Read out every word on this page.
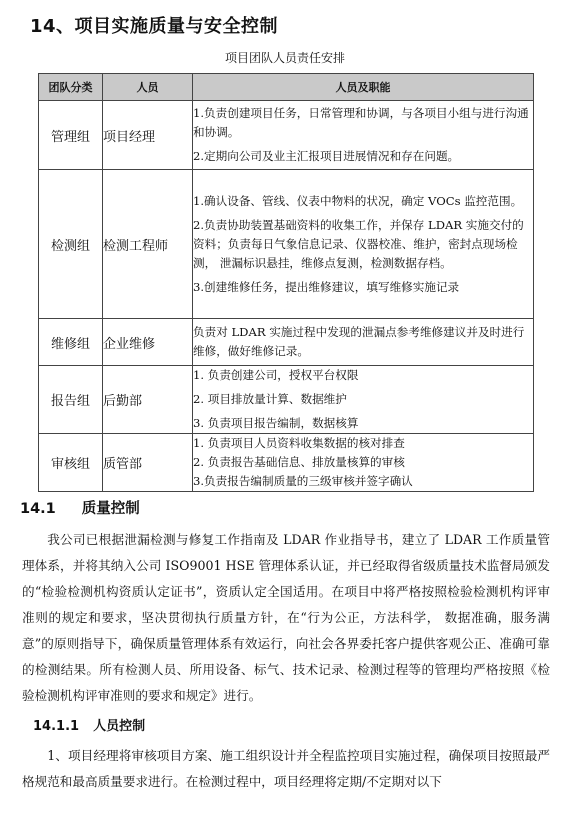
14、项目实施质量与安全控制
项目团队人员责任安排
团队分类	人员	人员及职能
管理组	项目经理	1.负责创建项目任务，日常管理和协调，与各项目小组与进行沟通和协调。

2.定期向公司及业主汇报项目进展情况和存在问题。

检测组	检测工程师	1.确认设备、管线、仪表中物料的状况，确定 VOCs 监控范围。

2.负责协助装置基础资料的收集工作，并保存 LDAR 实施交付的资料；负责每日气象信息记录、仪器校准、维护，密封点现场检测， 泄漏标识悬挂，维修点复测，检测数据存档。

3.创建维修任务，提出维修建议，填写维修实施记录

维修组	企业维修	负责对 LDAR 实施过程中发现的泄漏点参考维修建议并及时进行维修，做好维修记录。

报告组	后勤部	1. 负责创建公司，授权平台权限

2. 项目排放量计算、数据维护

3. 负责项目报告编制，数据核算

审核组	质管部	1. 负责项目人员资料收集数据的核对排查

2. 负责报告基础信息、排放量核算的审核

3.负责报告编制质量的三级审核并签字确认

14.1 质量控制

我公司已根据泄漏检测与修复工作指南及 LDAR 作业指导书，建立了 LDAR 工作质量管理体系，并将其纳入公司 ISO9001 HSE 管理体系认证，并已经取得省级质量技术监督局颁发的“检验检测机构资质认定证书”，资质认定全国适用。在项目中将严格按照检验检测机构评审准则的规定和要求，坚决贯彻执行质量方针，在“行为公正，方法科学， 数据准确，服务满意”的原则指导下，确保质量管理体系有效运行，向社会各界委托客户提供客观公正、准确可靠的检测结果。所有检测人员、所用设备、标气、技术记录、检测过程等的管理均严格按照《检验检测机构评审准则的要求和规定》进行。

14.1.1 人员控制

1、项目经理将审核项目方案、施工组织设计并全程监控项目实施过程，确保项目按照最严格规范和最高质量要求进行。在检测过程中，项目经理将定期/不定期对以下
